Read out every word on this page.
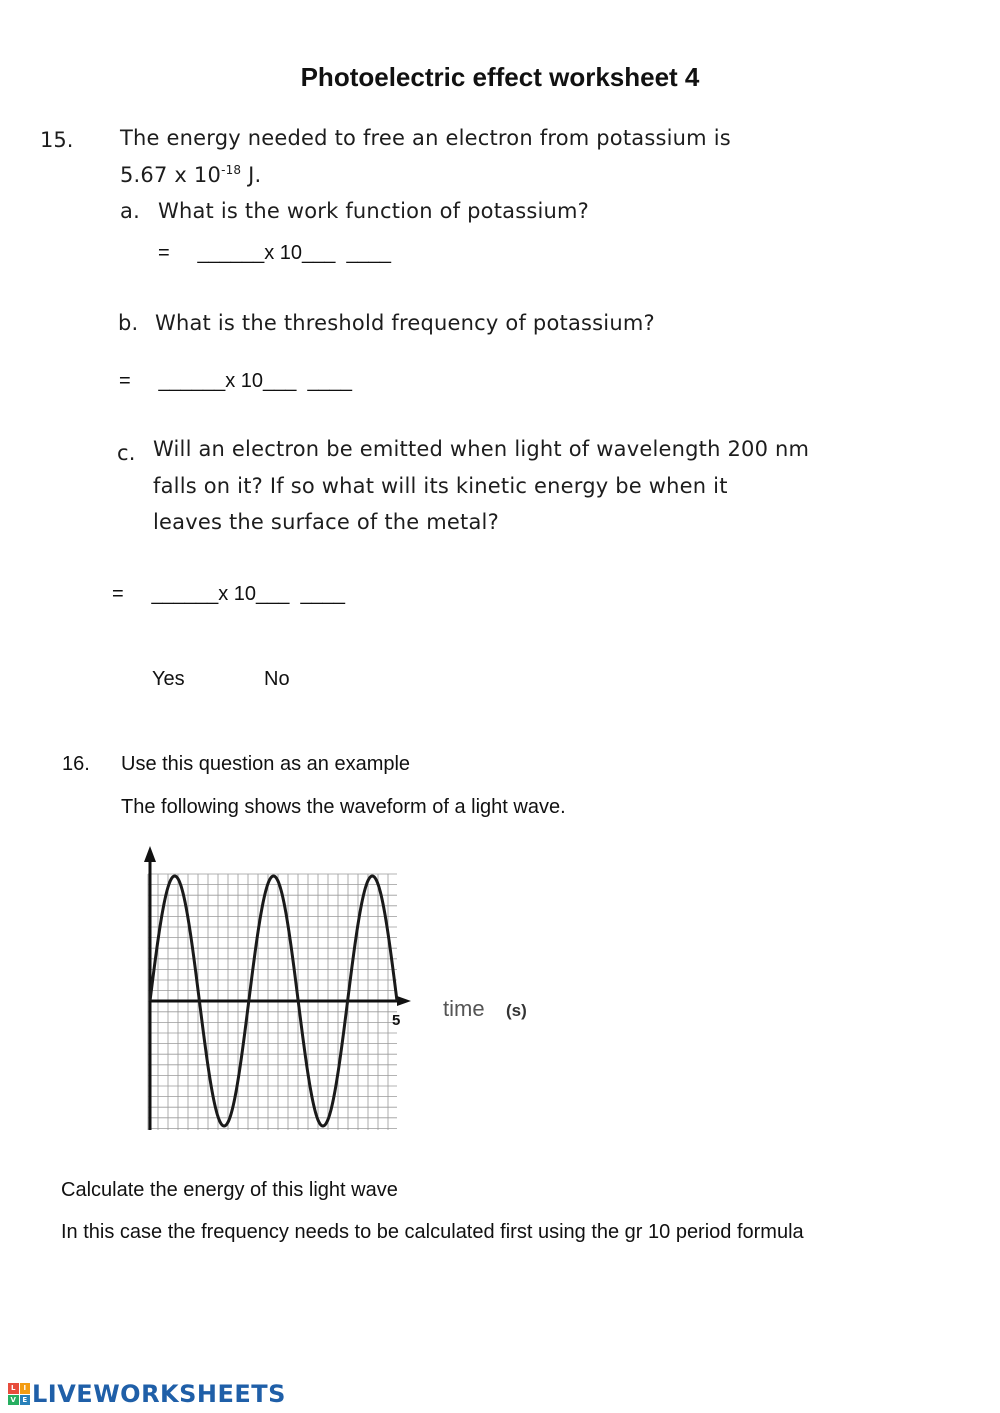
Photoelectric effect worksheet 4
15. The energy needed to free an electron from potassium is
5.67 x $10^{-18}$ J.
a. What is the work function of potassium?
=     ______x 10___  ____
b. What is the threshold frequency of potassium?
=     ______x 10___  ____
c. Will an electron be emitted when light of wavelength 200 nm
falls on it? If so what will its kinetic energy be when it
leaves the surface of the metal?
=     ______x 10___  ____
Yes	No
16. Use this question as an example
The following shows the waveform of a light wave.
5 time (s)
Calculate the energy of this light wave
In this case the frequency needs to be calculated first using the gr 10 period formula
L	I
V E LIVEWORKSHEETS
